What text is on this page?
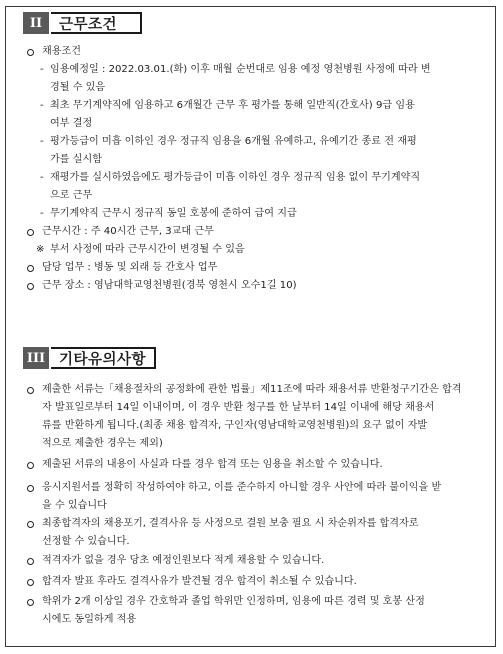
II	근무조건
채용조건
- 임용예정일 : 2022.03.01.(화) 이후 매월 순번대로 임용 예정 영천병원 사정에 따라 변
경될 수 있음
- 최초 무기계약직에 임용하고 6개월간 근무 후 평가를 통해 일반직(간호사) 9급 임용
여부 결정
- 평가등급이 미흡 이하인 경우 정규직 임용을 6개월 유예하고, 유예기간 종료 전 재평
가를 실시함
- 재평가를 실시하였음에도 평가등급이 미흡 이하인 경우 정규직 임용 없이 무기계약직
으로 근무
- 무기계약직 근무시 정규직 동일 호봉에 준하여 급여 지급
근무시간 : 주 40시간 근무, 3교대 근무
※ 부서 사정에 따라 근무시간이 변경될 수 있음
담당 업무 : 병동 및 외래 등 간호사 업무
근무 장소 : 영남대학교영천병원(경북 영천시 오수1길 10)
III 기타유의사항
제출한 서류는「채용절차의 공정화에 관한 법률」제11조에 따라 채용서류 반환청구기간은 합격
자 발표일로부터 14일 이내이며, 이 경우 반환 청구를 한 날부터 14일 이내에 해당 채용서
류를 반환하게 됩니다.(최종 채용 합격자, 구인자(영남대학교영천병원)의 요구 없이 자발
적으로 제출한 경우는 제외)
제출된 서류의 내용이 사실과 다를 경우 합격 또는 임용을 취소할 수 있습니다.
응시지원서를 정확히 작성하여야 하고, 이를 준수하지 아니할 경우 사안에 따라 불이익을 받
을 수 있습니다
최종합격자의 채용포기, 결격사유 등 사정으로 결원 보충 필요 시 차순위자를 합격자로
선정할 수 있습니다.
적격자가 없을 경우 당초 예정인원보다 적게 채용할 수 있습니다.
합격자 발표 후라도 결격사유가 발견될 경우 합격이 취소될 수 있습니다.
학위가 2개 이상일 경우 간호학과 졸업 학위만 인정하며, 임용에 따른 경력 및 호봉 산정
시에도 동일하게 적용
